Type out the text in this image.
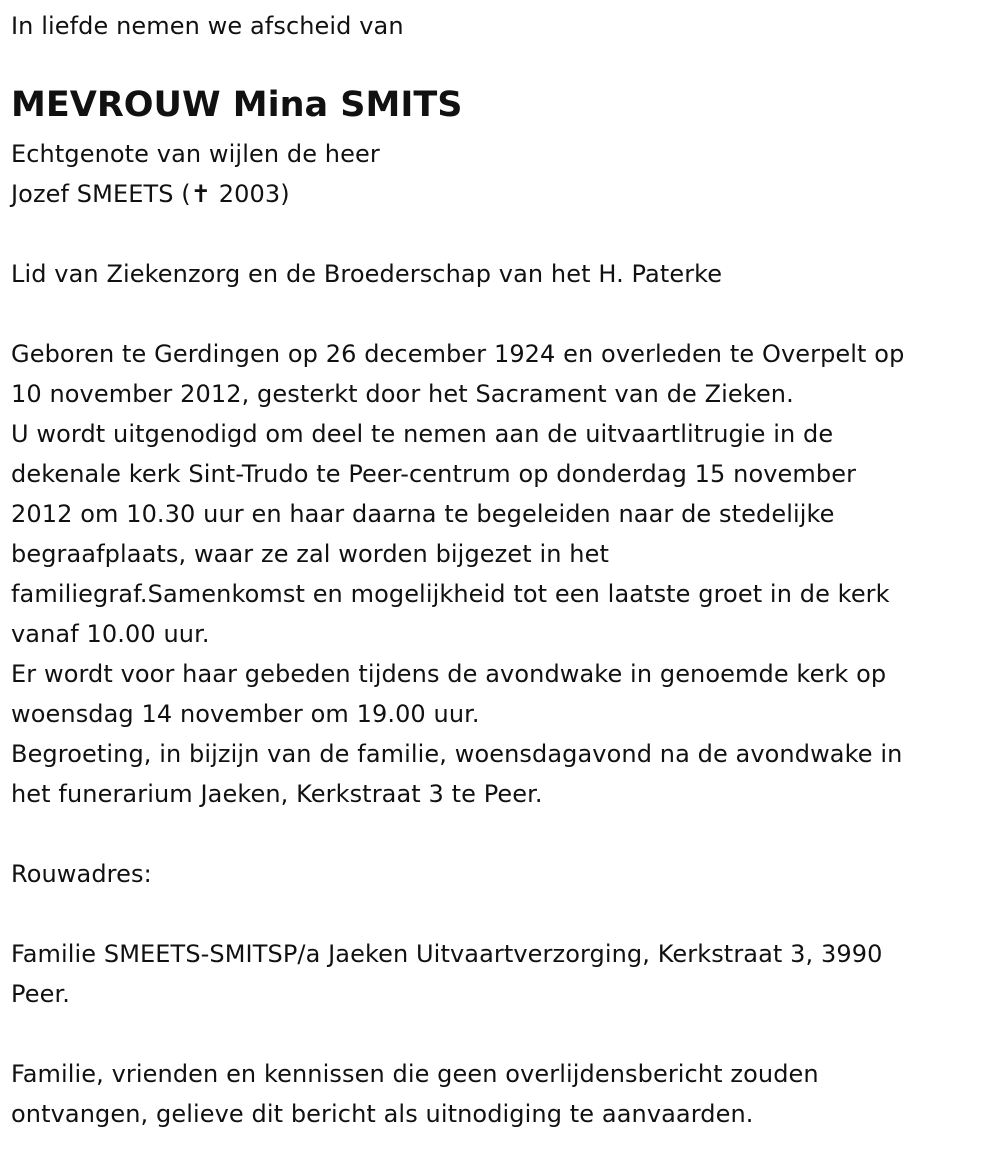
In liefde nemen we afscheid van
MEVROUW Mina SMITS
Echtgenote van wijlen de heer
Jozef SMEETS (✝ 2003)
Lid van Ziekenzorg en de Broederschap van het H. Paterke
Geboren te Gerdingen op 26 december 1924 en overleden te Overpelt op
10 november 2012, gesterkt door het Sacrament van de Zieken.
U wordt uitgenodigd om deel te nemen aan de uitvaartlitrugie in de
dekenale kerk Sint-Trudo te Peer-centrum op donderdag 15 november
2012 om 10.30 uur en haar daarna te begeleiden naar de stedelijke
begraafplaats, waar ze zal worden bijgezet in het
familiegraf.Samenkomst en mogelijkheid tot een laatste groet in de kerk
vanaf 10.00 uur.
Er wordt voor haar gebeden tijdens de avondwake in genoemde kerk op
woensdag 14 november om 19.00 uur.
Begroeting, in bijzijn van de familie, woensdagavond na de avondwake in
het funerarium Jaeken, Kerkstraat 3 te Peer.
Rouwadres:
Familie SMEETS-SMITSP/a Jaeken Uitvaartverzorging, Kerkstraat 3, 3990
Peer.
Familie, vrienden en kennissen die geen overlijdensbericht zouden
ontvangen, gelieve dit bericht als uitnodiging te aanvaarden.
